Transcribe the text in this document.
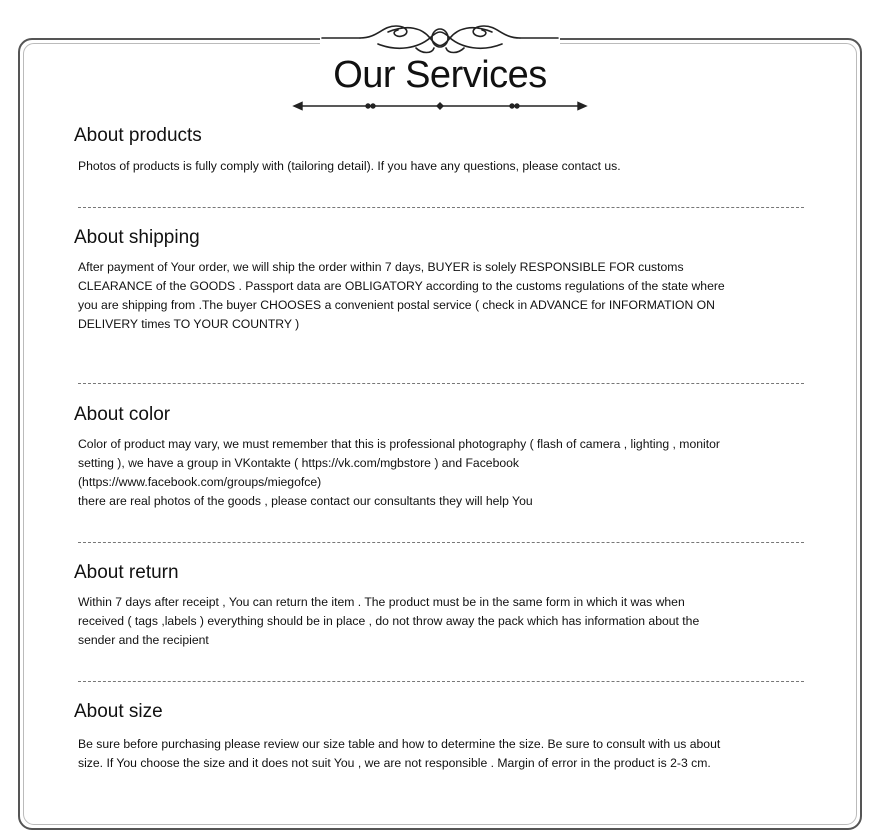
Our Services
About products

Photos of products is fully comply with (tailoring detail). If you have any questions, please contact us.

About shipping

After payment of Your order, we will ship the order within 7 days, BUYER is solely RESPONSIBLE FOR customs
CLEARANCE of the GOODS . Passport data are OBLIGATORY according to the customs regulations of the state where
you are shipping from .The buyer CHOOSES a convenient postal service ( check in ADVANCE for INFORMATION ON
DELIVERY times TO YOUR COUNTRY )

About color

Color of product may vary, we must remember that this is professional photography ( flash of camera , lighting , monitor
setting ), we have a group in VKontakte ( https://vk.com/mgbstore ) and Facebook
(https://www.facebook.com/groups/miegofce)
there are real photos of the goods , please contact our consultants they will help You

About return

Within 7 days after receipt , You can return the item . The product must be in the same form in which it was when
received ( tags ,labels ) everything should be in place , do not throw away the pack which has information about the
sender and the recipient

About size

Be sure before purchasing please review our size table and how to determine the size. Be sure to consult with us about
size. If You choose the size and it does not suit You , we are not responsible . Margin of error in the product is 2-3 cm.
